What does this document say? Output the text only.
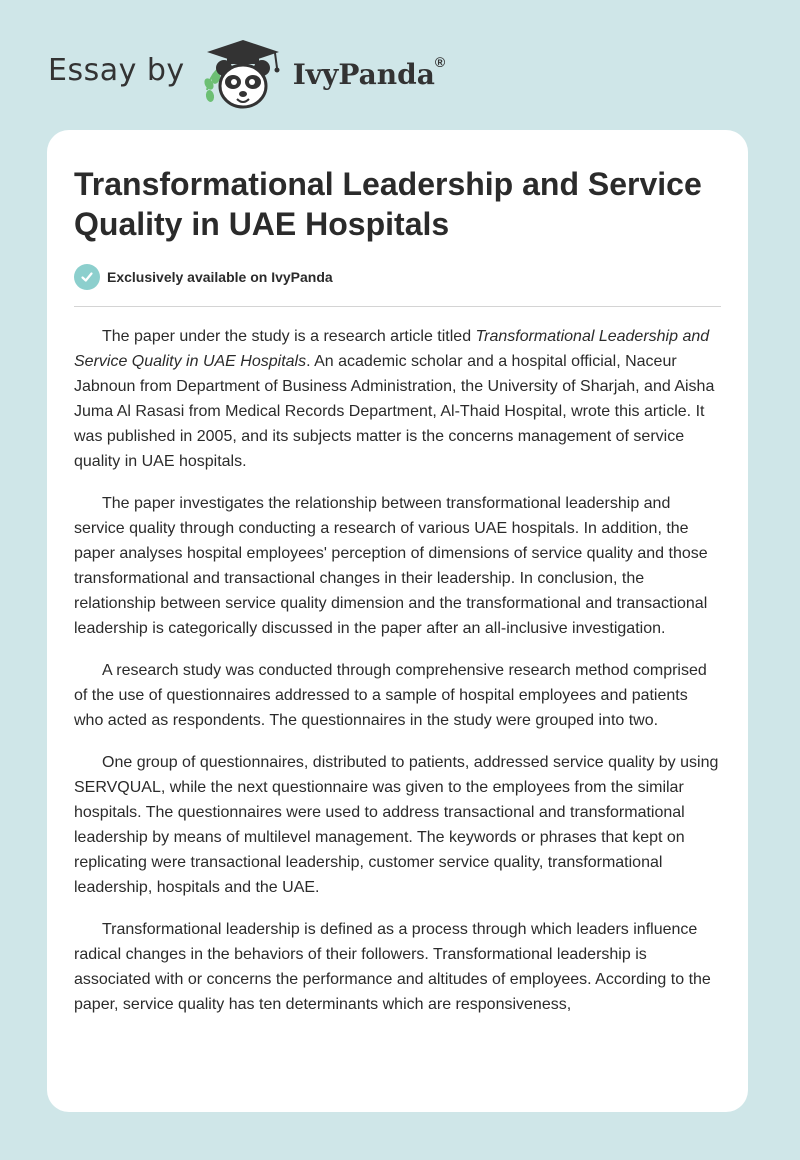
Essay by	IvyPanda®
Transformational Leadership and Service Quality in UAE Hospitals
Exclusively available on IvyPanda

The paper under the study is a research article titled Transformational Leadership and Service Quality in UAE Hospitals. An academic scholar and a hospital official, Naceur Jabnoun from Department of Business Administration, the University of Sharjah, and Aisha Juma Al Rasasi from Medical Records Department, Al-Thaid Hospital, wrote this article. It was published in 2005, and its subjects matter is the concerns management of service quality in UAE hospitals.

The paper investigates the relationship between transformational leadership and service quality through conducting a research of various UAE hospitals. In addition, the paper analyses hospital employees' perception of dimensions of service quality and those transformational and transactional changes in their leadership. In conclusion, the relationship between service quality dimension and the transformational and transactional leadership is categorically discussed in the paper after an all-inclusive investigation.

A research study was conducted through comprehensive research method comprised of the use of questionnaires addressed to a sample of hospital employees and patients who acted as respondents. The questionnaires in the study were grouped into two.

One group of questionnaires, distributed to patients, addressed service quality by using SERVQUAL, while the next questionnaire was given to the employees from the similar hospitals. The questionnaires were used to address transactional and transformational leadership by means of multilevel management. The keywords or phrases that kept on replicating were transactional leadership, customer service quality, transformational leadership, hospitals and the UAE.

Transformational leadership is defined as a process through which leaders influence radical changes in the behaviors of their followers. Transformational leadership is associated with or concerns the performance and altitudes of employees. According to the paper, service quality has ten determinants which are responsiveness,
